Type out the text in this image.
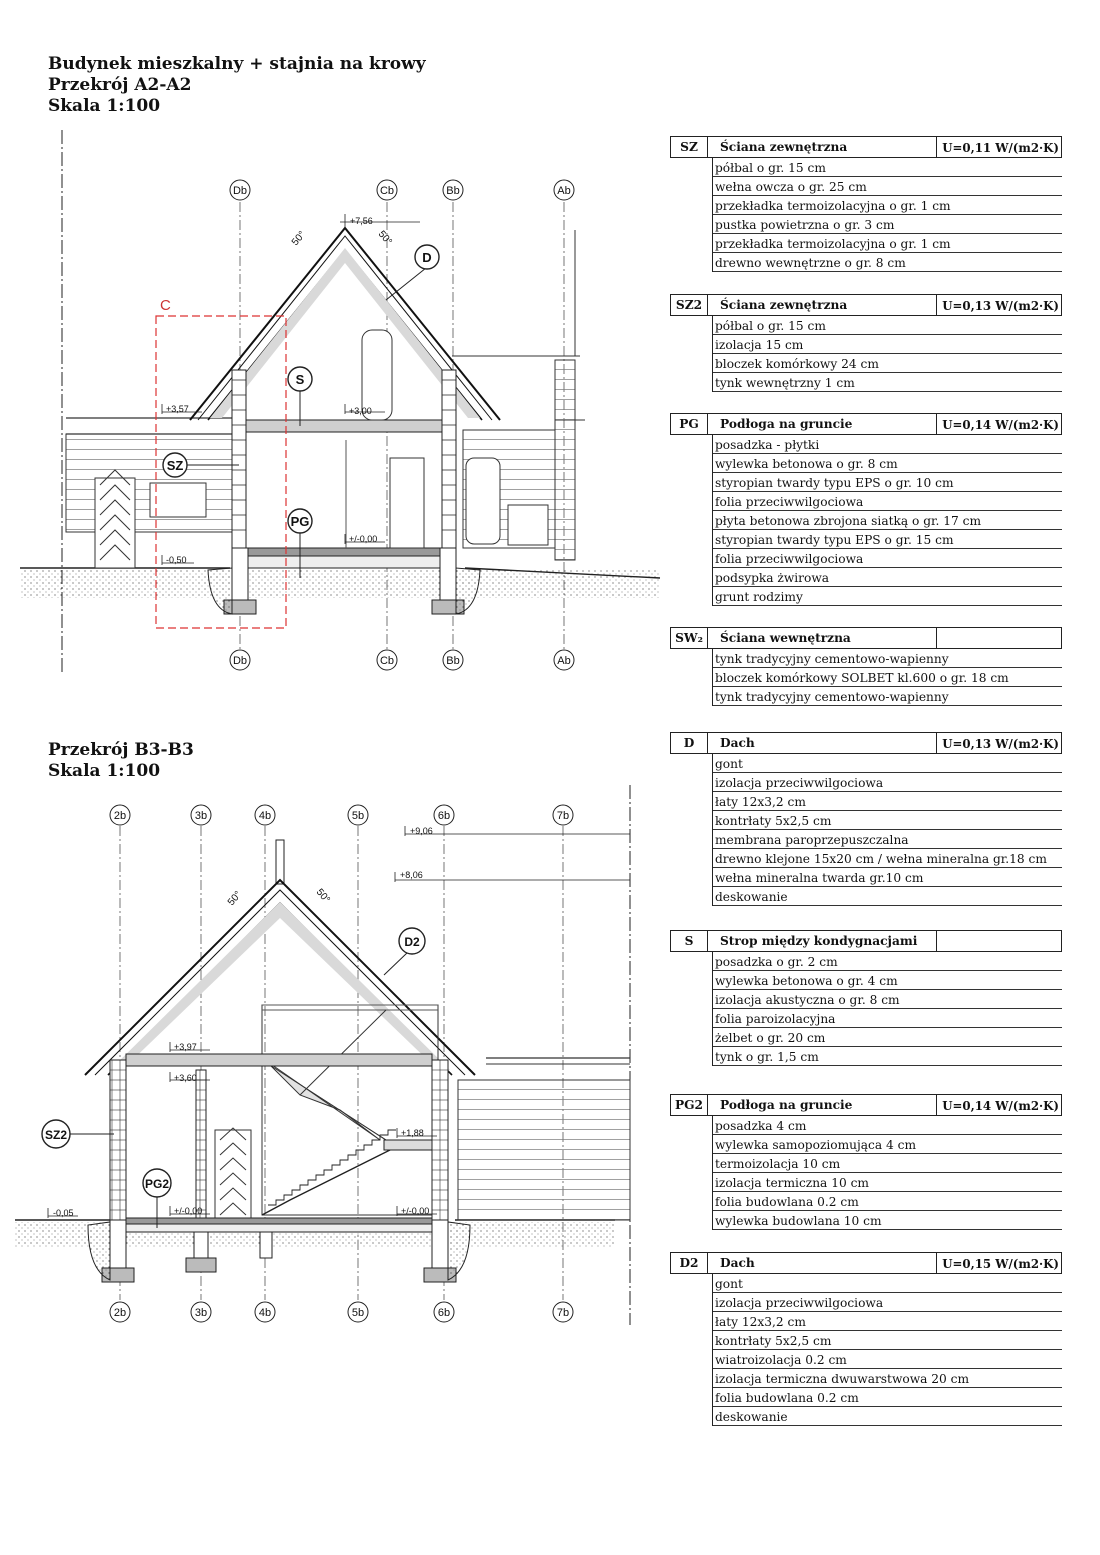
Budynek mieszkalny + stajnia na krowy
Przekrój A2-A2
Skala 1:100
Przekrój B3-B3
Skala 1:100
C
+7,56
+3,57	+3,00
+/-0,00
-0,50
50°	50°
Db	Cb	Bb	Ab
Db	Cb	Bb	Ab
D
S
SZ
PG
+9,06
+8,06
+3,97
+3,60
+1,88
+/-0,00	+/-0,00
-0,05
50°	50°
2b	3b	4b	5b	6b	7b
2b	3b	4b	5b	6b	7b
D2
SZ2
PG2
SZ	Ściana zewnętrzna	U=0,11 W/(m2·K)
półbal o gr. 15 cm
wełna owcza o gr. 25 cm
przekładka termoizolacyjna o gr. 1 cm
pustka powietrzna o gr. 3 cm
przekładka termoizolacyjna o gr. 1 cm
drewno wewnętrzne o gr. 8 cm
SZ2	Ściana zewnętrzna	U=0,13 W/(m2·K)
półbal o gr. 15 cm
izolacja 15 cm
bloczek komórkowy 24 cm
tynk wewnętrzny 1 cm
PG	Podłoga na gruncie	U=0,14 W/(m2·K)
posadzka - płytki
wylewka betonowa o gr. 8 cm
styropian twardy typu EPS o gr. 10 cm
folia przeciwwilgociowa
płyta betonowa zbrojona siatką o gr. 17 cm
styropian twardy typu EPS o gr. 15 cm
folia przeciwwilgociowa
podsypka żwirowa
grunt rodzimy
SW₂	Ściana wewnętrzna
tynk tradycyjny cementowo-wapienny
bloczek komórkowy SOLBET kl.600 o gr. 18 cm
tynk tradycyjny cementowo-wapienny
D	Dach	U=0,13 W/(m2·K)
gont
izolacja przeciwwilgociowa
łaty 12x3,2 cm
kontrłaty 5x2,5 cm
membrana paroprzepuszczalna
drewno klejone 15x20 cm / wełna mineralna gr.18 cm
wełna mineralna twarda gr.10 cm
deskowanie
S	Strop między kondygnacjami
posadzka o gr. 2 cm
wylewka betonowa o gr. 4 cm
izolacja akustyczna o gr. 8 cm
folia paroizolacyjna
żelbet o gr. 20 cm
tynk o gr. 1,5 cm
PG2	Podłoga na gruncie	U=0,14 W/(m2·K)
posadzka 4 cm
wylewka samopoziomująca 4 cm
termoizolacja 10 cm
izolacja termiczna 10 cm
folia budowlana 0.2 cm
wylewka budowlana 10 cm
D2	Dach	U=0,15 W/(m2·K)
gont
izolacja przeciwwilgociowa
łaty 12x3,2 cm
kontrłaty 5x2,5 cm
wiatroizolacja 0.2 cm
izolacja termiczna dwuwarstwowa 20 cm
folia budowlana 0.2 cm
deskowanie
